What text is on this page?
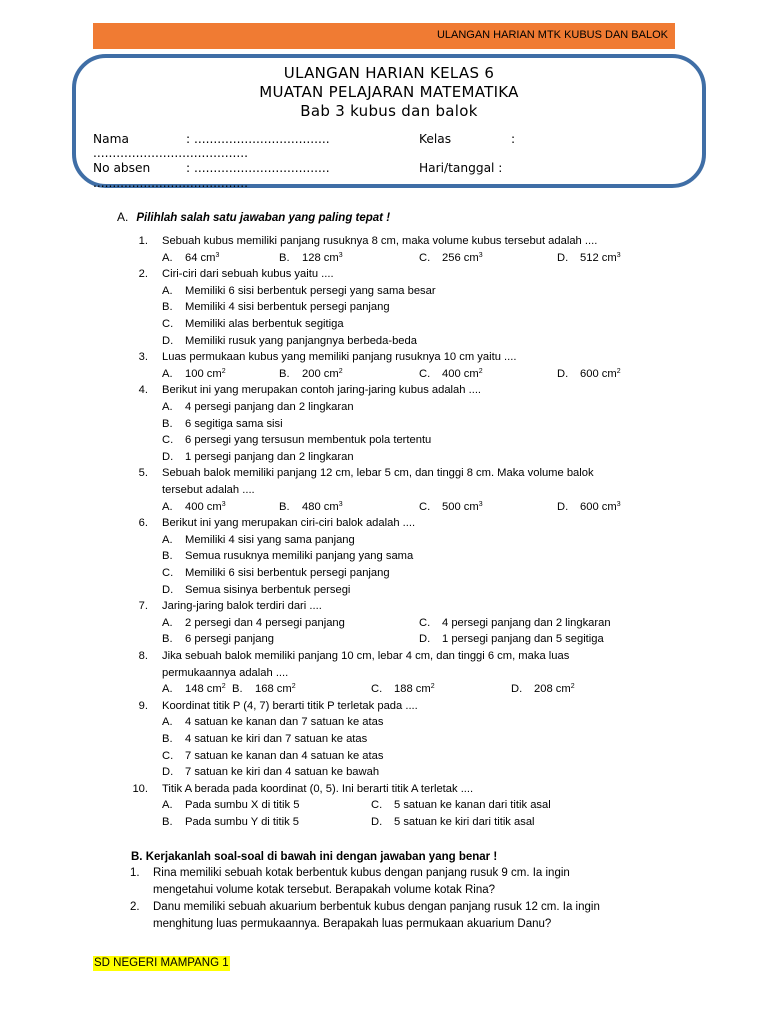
ULANGAN HARIAN MTK KUBUS DAN BALOK
ULANGAN HARIAN KELAS 6
MUATAN PELAJARAN MATEMATIKA
Bab 3 kubus dan balok
Nama	: ...................................	Kelas	:
........................................
No absen	: ...................................	Hari/tanggal :
........................................
A. Pilihlah salah satu jawaban yang paling tepat !
1. Sebuah kubus memiliki panjang rusuknya 8 cm, maka volume kubus tersebut adalah ....
A. 64 $cm^3$	B. 128 $cm^3$	C. 256 $cm^3$	D. 512 $cm^3$
2. Ciri-ciri dari sebuah kubus yaitu ....
A. Memiliki 6 sisi berbentuk persegi yang sama besar
B. Memiliki 4 sisi berbentuk persegi panjang
C. Memiliki alas berbentuk segitiga
D. Memiliki rusuk yang panjangnya berbeda-beda
3. Luas permukaan kubus yang memiliki panjang rusuknya 10 cm yaitu ....
A. 100 $cm^2$	B. 200 $cm^2$	C. 400 $cm^2$	D. 600 $cm^2$
4. Berikut ini yang merupakan contoh jaring-jaring kubus adalah ....
A. 4 persegi panjang dan 2 lingkaran
B. 6 segitiga sama sisi
C. 6 persegi yang tersusun membentuk pola tertentu
D. 1 persegi panjang dan 2 lingkaran
5. Sebuah balok memiliki panjang 12 cm, lebar 5 cm, dan tinggi 8 cm. Maka volume balok
tersebut adalah ....
A. 400 $cm^3$	B. 480 $cm^3$	C. 500 $cm^3$	D. 600 $cm^3$
6. Berikut ini yang merupakan ciri-ciri balok adalah ....
A. Memiliki 4 sisi yang sama panjang
B. Semua rusuknya memiliki panjang yang sama
C. Memiliki 6 sisi berbentuk persegi panjang
D. Semua sisinya berbentuk persegi
7. Jaring-jaring balok terdiri dari ....
A. 2 persegi dan 4 persegi panjang	C. 4 persegi panjang dan 2 lingkaran
B. 6 persegi panjang	D. 1 persegi panjang dan 5 segitiga
8. Jika sebuah balok memiliki panjang 10 cm, lebar 4 cm, dan tinggi 6 cm, maka luas
permukaannya adalah ....
A. 148 $cm^2$ B. 168 $cm^2$	C. 188 $cm^2$	D. 208 $cm^2$
9. Koordinat titik P (4, 7) berarti titik P terletak pada ....
A. 4 satuan ke kanan dan 7 satuan ke atas
B. 4 satuan ke kiri dan 7 satuan ke atas
C. 7 satuan ke kanan dan 4 satuan ke atas
D. 7 satuan ke kiri dan 4 satuan ke bawah
10. Titik A berada pada koordinat (0, 5). Ini berarti titik A terletak ....
A. Pada sumbu X di titik 5	C. 5 satuan ke kanan dari titik asal
B. Pada sumbu Y di titik 5	D. 5 satuan ke kiri dari titik asal
B. Kerjakanlah soal-soal di bawah ini dengan jawaban yang benar !
1. Rina memiliki sebuah kotak berbentuk kubus dengan panjang rusuk 9 cm. Ia ingin
mengetahui volume kotak tersebut. Berapakah volume kotak Rina?
2. Danu memiliki sebuah akuarium berbentuk kubus dengan panjang rusuk 12 cm. Ia ingin
menghitung luas permukaannya. Berapakah luas permukaan akuarium Danu?
SD NEGERI MAMPANG 1
